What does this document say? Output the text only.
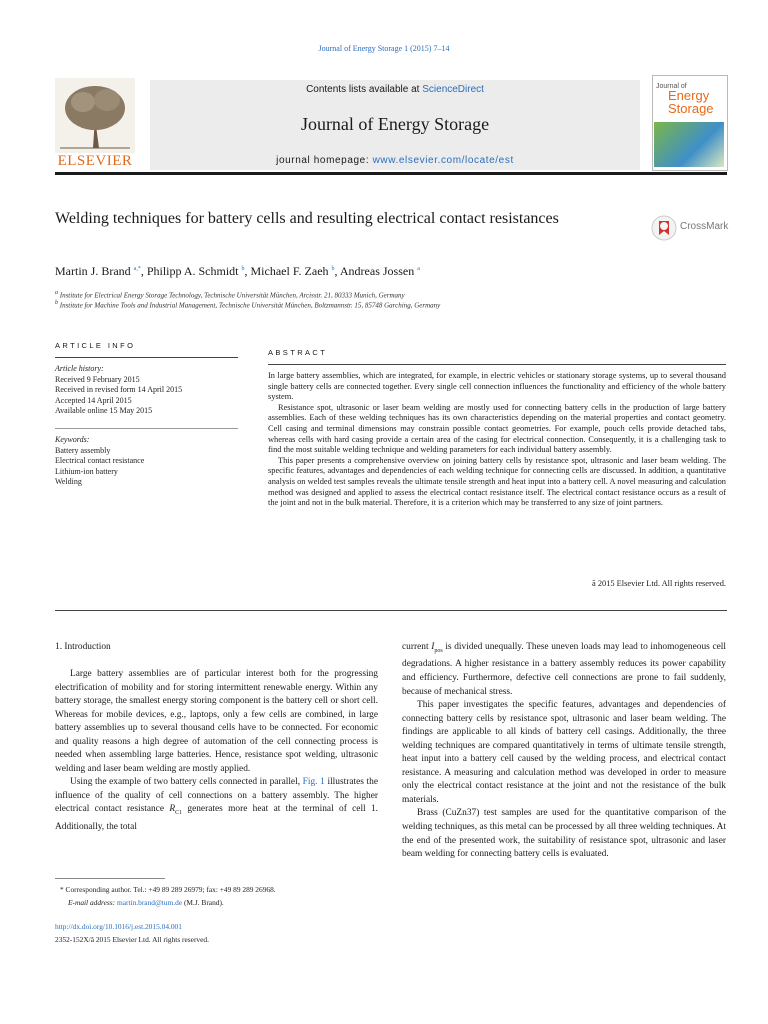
Journal of Energy Storage 1 (2015) 7–14
ELSEVIER
Contents lists available at ScienceDirect
Journal of Energy Storage
journal homepage: www.elsevier.com/locate/est
Journal of
Energy
Storage
Welding techniques for battery cells and resulting electrical contact resistances	CrossMark
Martin J. Brand $^{a,*}$, Philipp A. Schmidt $^b$, Michael F. Zaeh $^b$, Andreas Jossen $^a$
$^a$ Institute for Electrical Energy Storage Technology, Technische Universität München, Arcisstr. 21, 80333 Munich, Germany
$^b$ Institute for Machine Tools and Industrial Management, Technische Universität München, Boltzmannstr. 15, 85748 Garching, Germany
ARTICLE INFO
Article history:
Received 9 February 2015
Received in revised form 14 April 2015
Accepted 14 April 2015
Available online 15 May 2015
Keywords:
Battery assembly
Electrical contact resistance
Lithium-ion battery
Welding
ABSTRACT

In large battery assemblies, which are integrated, for example, in electric vehicles or stationary storage systems, up to several thousand single battery cells are connected together. Every single cell connection influences the functionality and efficiency of the whole battery system.

Resistance spot, ultrasonic or laser beam welding are mostly used for connecting battery cells in the production of large battery assemblies. Each of these welding techniques has its own characteristics depending on the material properties and contact geometry. Cell casing and terminal dimensions may constrain possible contact geometries. For example, pouch cells provide detached tabs, whereas cells with hard casing provide a certain area of the casing for electrical connection. Consequently, it is a challenging task to find the most suitable welding technique and welding parameters for each individual battery assembly.

This paper presents a comprehensive overview on joining battery cells by resistance spot, ultrasonic and laser beam welding. The specific features, advantages and dependencies of each welding technique for connecting cells are discussed. In addition, a quantitative analysis on welded test samples reveals the ultimate tensile strength and heat input into a battery cell. A novel measuring and calculation method was designed and applied to assess the electrical contact resistance itself. The electrical contact resistance occurs as a result of the joint and not in the bulk material. Therefore, it is a criterion which may be transferred to any size of joint partners.

ã 2015 Elsevier Ltd. All rights reserved.
1. Introduction

Large battery assemblies are of particular interest both for the progressing electrification of mobility and for storing intermittent renewable energy. Within any battery storage, the smallest energy storing component is the battery cell or short cell. Whereas for mobile devices, e.g., laptops, only a few cells are combined, in large battery assemblies up to several thousand cells have to be connected. For economic and quality reasons a high degree of automation of the cell connecting process is needed when assembling large batteries. Hence, resistance spot welding, ultrasonic welding and laser beam welding are mostly applied.

Using the example of two battery cells connected in parallel, Fig. 1 illustrates the influence of the quality of cell connections on a battery assembly. The higher electrical contact resistance $R_{C1}$ generates more heat at the terminal of cell 1. Additionally, the total

current $I_{pos}$ is divided unequally. These uneven loads may lead to inhomogeneous cell degradations. A higher resistance in a battery assembly reduces its power capability and efficiency. Furthermore, defective cell connections are prone to fail suddenly, because of mechanical stress.

This paper investigates the specific features, advantages and dependencies of connecting battery cells by resistance spot, ultrasonic and laser beam welding. The findings are applicable to all kinds of battery cell casings. Additionally, the three welding techniques are compared quantitatively in terms of ultimate tensile strength, heat input into a battery cell caused by the welding process, and electrical contact resistance. A measuring and calculation method was developed in order to measure only the electrical contact resistance at the joint and not the resistance of the bulk materials.

Brass (CuZn37) test samples are used for the quantitative comparison of the welding techniques, as this metal can be processed by all three welding techniques. At the end of the presented work, the suitability of resistance spot, ultrasonic and laser beam welding for connecting battery cells is evaluated.

* Corresponding author. Tel.: +49 89 289 26979; fax: +49 89 289 26968.
E-mail address: martin.brand@tum.de (M.J. Brand).
http://dx.doi.org/10.1016/j.est.2015.04.001
2352-152X/ã 2015 Elsevier Ltd. All rights reserved.
